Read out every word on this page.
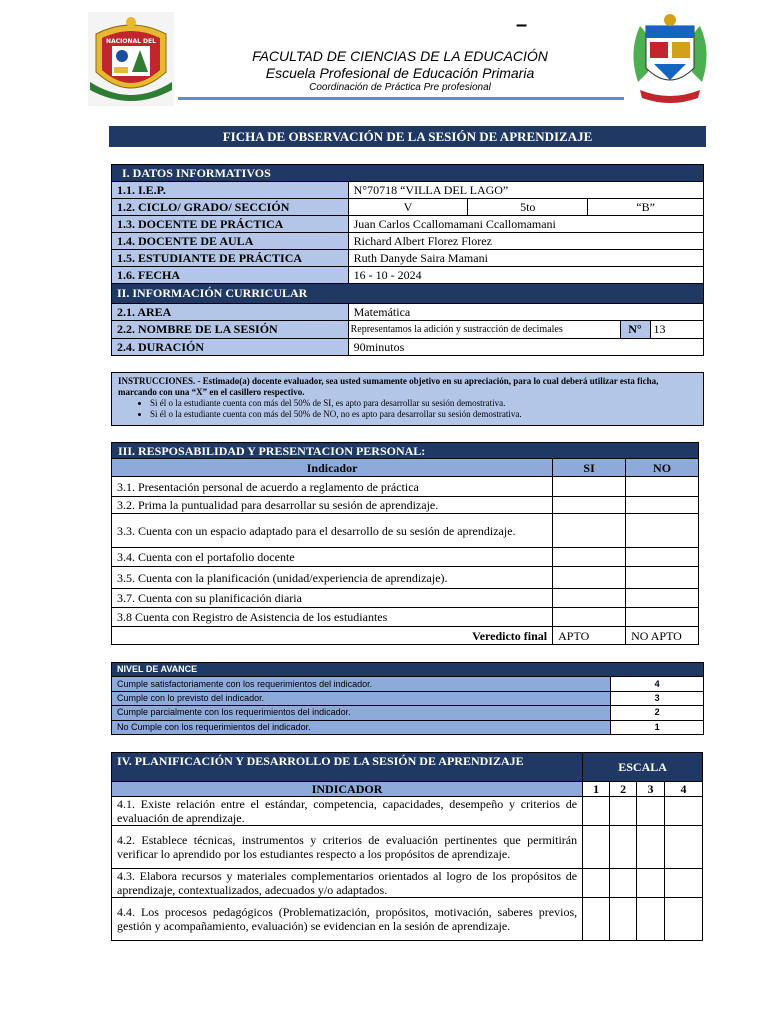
NACIONAL DEL
–
FACULTAD DE CIENCIAS DE LA EDUCACIÓN
Escuela Profesional de Educación Primaria
Coordinación de Práctica Pre profesional
FICHA DE OBSERVACIÓN DE LA SESIÓN DE APRENDIZAJE
I. DATOS INFORMATIVOS
1.1. I.E.P.	N°70718 “VILLA DEL LAGO”
1.2. CICLO/ GRADO/ SECCIÓN	V	5to	“B”
1.3. DOCENTE DE PRÁCTICA	Juan Carlos Ccallomamani Ccallomamani
1.4. DOCENTE DE AULA	Richard Albert Florez Florez
1.5. ESTUDIANTE DE PRÁCTICA	Ruth Danyde Saira Mamani
1.6. FECHA	16 - 10 - 2024
II. INFORMACIÓN CURRICULAR
2.1. AREA	Matemática
2.2. NOMBRE DE LA SESIÓN		Representamos la adición y sustracción de decimales	N°	13

2.4. DURACIÓN	90minutos
INSTRUCCIONES. - Estimado(a) docente evaluador, sea usted sumamente objetivo en su apreciación, para lo cual deberá utilizar esta ficha, marcando con una “X” en el casillero respectivo.
• Si él o la estudiante cuenta con más del 50% de SI, es apto para desarrollar su sesión demostrativa.
• Si él o la estudiante cuenta con más del 50% de NO, no es apto para desarrollar su sesión demostrativa.
III. RESPOSABILIDAD Y PRESENTACION PERSONAL:		
Indicador	SI	NO
3.1. Presentación personal de acuerdo a reglamento de práctica		
3.2. Prima la puntualidad para desarrollar su sesión de aprendizaje.		
3.3. Cuenta con un espacio adaptado para el desarrollo de su sesión de aprendizaje.		
3.4. Cuenta con el portafolio docente		
3.5. Cuenta con la planificación (unidad/experiencia de aprendizaje).		
3.7. Cuenta con su planificación diaria		
3.8 Cuenta con Registro de Asistencia de los estudiantes		
Veredicto final	APTO	NO APTO
NIVEL DE AVANCE	
Cumple satisfactoriamente con los requerimientos del indicador.	4
Cumple con lo previsto del indicador.	3
Cumple parcialmente con los requerimientos del indicador.	2
No Cumple con los requerimientos del indicador.	1
IV. PLANIFICACIÓN Y DESARROLLO DE LA SESIÓN DE APRENDIZAJE	ESCALA			
INDICADOR	1	2	3	4
4.1. Existe relación entre el estándar, competencia, capacidades, desempeño y criterios de evaluación de aprendizaje.				
4.2. Establece técnicas, instrumentos y criterios de evaluación pertinentes que permitirán verificar lo aprendido por los estudiantes respecto a los propósitos de aprendizaje.				
4.3. Elabora recursos y materiales complementarios orientados al logro de los propósitos de aprendizaje, contextualizados, adecuados y/o adaptados.				
4.4. Los procesos pedagógicos (Problematización, propósitos, motivación, saberes previos, gestión y acompañamiento, evaluación) se evidencian en la sesión de aprendizaje.				
